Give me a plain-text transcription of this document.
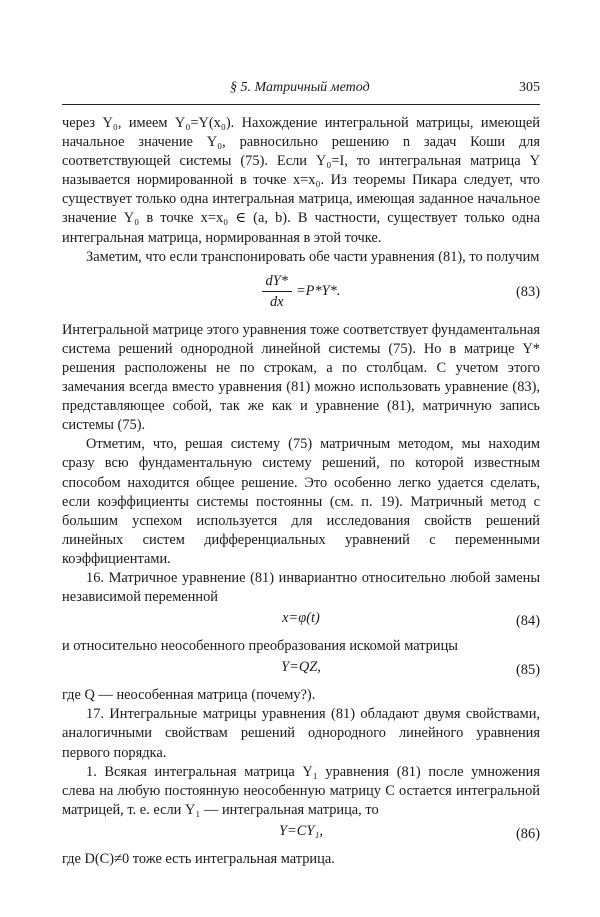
§ 5. Матричный метод	305

через Y₀, имеем Y₀=Y(x₀). Нахождение интегральной матрицы, имеющей начальное значение Y₀, равносильно решению n задач Коши для соответствующей системы (75). Если Y₀=I, то интегральная матрица Y называется нормированной в точке x=x₀. Из теоремы Пикара следует, что существует только одна интегральная матрица, имеющая заданное начальное значение Y₀ в точке x=x₀ ∈ (a, b). В частности, существует только одна интегральная матрица, нормированная в этой точке.

Заметим, что если транспонировать обе части уравнения (81), то получим

$\frac{dY*}{dx} =P*Y*$.	(83)

Интегральной матрице этого уравнения тоже соответствует фундаментальная система решений однородной линейной системы (75). Но в матрице Y* решения расположены не по строкам, а по столбцам. С учетом этого замечания всегда вместо уравнения (81) можно использовать уравнение (83), представляющее собой, так же как и уравнение (81), матричную запись системы (75).

Отметим, что, решая систему (75) матричным методом, мы находим сразу всю фундаментальную систему решений, по которой известным способом находится общее решение. Это особенно легко удается сделать, если коэффициенты системы постоянны (см. п. 19). Матричный метод с большим успехом используется для исследования свойств решений линейных систем дифференциальных уравнений с переменными коэффициентами.

16. Матричное уравнение (81) инвариантно относительно любой замены независимой переменной

x=φ(t)	(84)

и относительно неособенного преобразования искомой матрицы

Y=QZ,	(85)

где Q — неособенная матрица (почему?).

17. Интегральные матрицы уравнения (81) обладают двумя свойствами, аналогичными свойствам решений однородного линейного уравнения первого порядка.

1. Всякая интегральная матрица Y₁ уравнения (81) после умножения слева на любую постоянную неособенную матрицу C остается интегральной матрицей, т. е. если Y₁ — интегральная матрица, то

Y=CY₁,	(86)

где D(C)≠0 тоже есть интегральная матрица.
